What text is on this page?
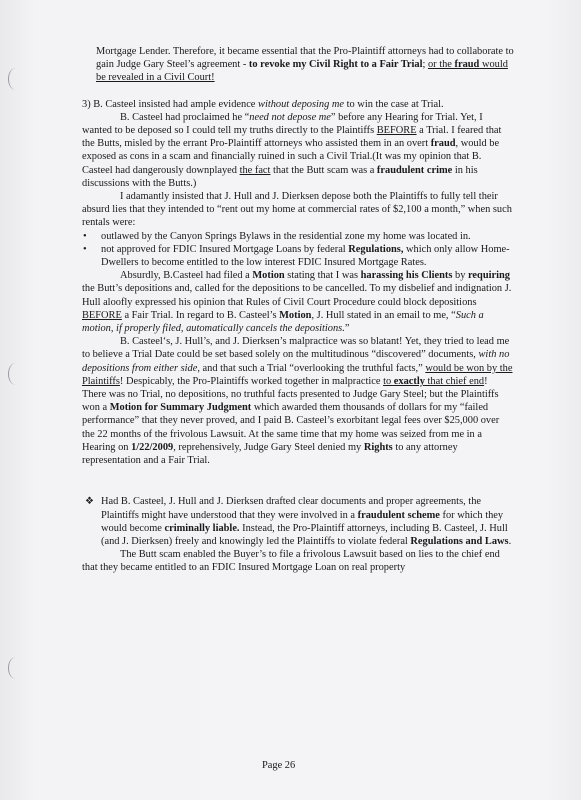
Mortgage Lender. Therefore, it became essential that the Pro-Plaintiff attorneys had to collaborate to gain Judge Gary Steel’s agreement - to revoke my Civil Right to a Fair Trial; or the fraud would be revealed in a Civil Court!

3) B. Casteel insisted had ample evidence without deposing me to win the case at Trial.

B. Casteel had proclaimed he “need not depose me” before any Hearing for Trial. Yet, I wanted to be deposed so I could tell my truths directly to the Plaintiffs BEFORE a Trial. I feared that the Butts, misled by the errant Pro-Plaintiff attorneys who assisted them in an overt fraud, would be exposed as cons in a scam and financially ruined in such a Civil Trial.(It was my opinion that B. Casteel had dangerously downplayed the fact that the Butt scam was a fraudulent crime in his discussions with the Butts.)

I adamantly insisted that J. Hull and J. Dierksen depose both the Plaintiffs to fully tell their absurd lies that they intended to “rent out my home at commercial rates of $2,100 a month,” when such rentals were:

• outlawed by the Canyon Springs Bylaws in the residential zone my home was located in.

• not approved for FDIC Insured Mortgage Loans by federal Regulations, which only allow Home-Dwellers to become entitled to the low interest FDIC Insured Mortgage Rates.

Absurdly, B.Casteel had filed a Motion stating that I was harassing his Clients by requiring the Butt’s depositions and, called for the depositions to be cancelled. To my disbelief and indignation J. Hull aloofly expressed his opinion that Rules of Civil Court Procedure could block depositions BEFORE a Fair Trial. In regard to B. Casteel’s Motion, J. Hull stated in an email to me, “Such a motion, if properly filed, automatically cancels the depositions.”

B. Casteel‘s, J. Hull’s, and J. Dierksen’s malpractice was so blatant! Yet, they tried to lead me to believe a Trial Date could be set based solely on the multitudinous “discovered” documents, with no depositions from either side, and that such a Trial “overlooking the truthful facts,” would be won by the Plaintiffs! Despicably, the Pro-Plaintiffs worked together in malpractice to exactly that chief end! There was no Trial, no depositions, no truthful facts presented to Judge Gary Steel; but the Plaintiffs won a Motion for Summary Judgment which awarded them thousands of dollars for my “failed performance” that they never proved, and I paid B. Casteel’s exorbitant legal fees over $25,000 over the 22 months of the frivolous Lawsuit. At the same time that my home was seized from me in a Hearing on 1/22/2009, reprehensively, Judge Gary Steel denied my Rights to any attorney representation and a Fair Trial.

❖ Had B. Casteel, J. Hull and J. Dierksen drafted clear documents and proper agreements, the Plaintiffs might have understood that they were involved in a fraudulent scheme for which they would become criminally liable. Instead, the Pro-Plaintiff attorneys, including B. Casteel, J. Hull (and J. Dierksen) freely and knowingly led the Plaintiffs to violate federal Regulations and Laws.

The Butt scam enabled the Buyer’s to file a frivolous Lawsuit based on lies to the chief end that they became entitled to an FDIC Insured Mortgage Loan on real property

Page 26
